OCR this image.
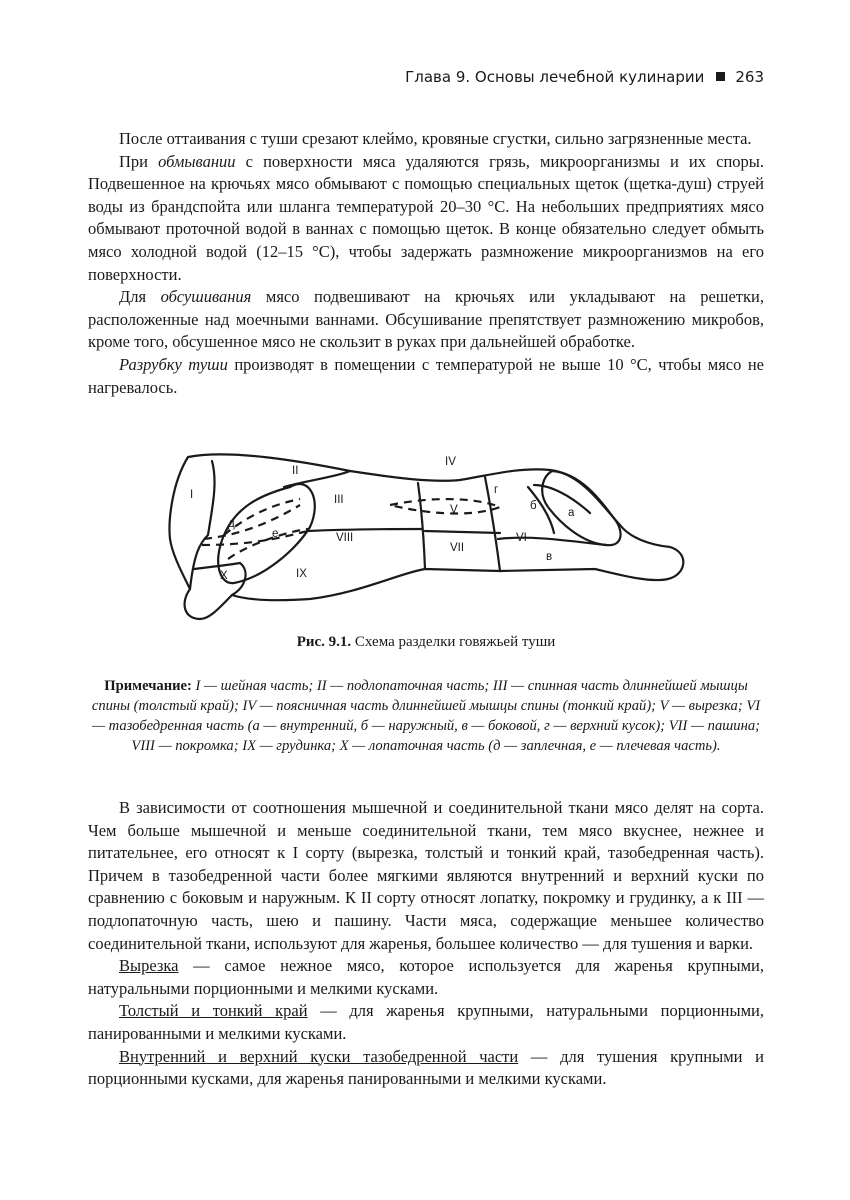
Глава 9. Основы лечебной кулинарии 263

После оттаивания с туши срезают клеймо, кровяные сгустки, сильно загрязненные места.

При обмывании с поверхности мяса удаляются грязь, микроорганизмы и их споры. Подвешенное на крючьях мясо обмывают с помощью специальных щеток (щетка-душ) струей воды из брандспойта или шланга температурой 20–30 °C. На небольших предприятиях мясо обмывают проточной водой в ваннах с помощью щеток. В конце обязательно следует обмыть мясо холодной водой (12–15 °C), чтобы задержать размножение микроорганизмов на его поверхности.

Для обсушивания мясо подвешивают на крючьях или укладывают на решетки, расположенные над моечными ваннами. Обсушивание препятствует размножению микробов, кроме того, обсушенное мясо не скользит в руках при дальнейшей обработке.

Разрубку туши производят в помещении с температурой не выше 10 °C, чтобы мясо не нагревалось.

I
II
III
IV
V
VI
VII
VIII
IX
X
а
б
в
г
д
е
Рис. 9.1. Схема разделки говяжьей туши
Примечание: I — шейная часть; II — подлопаточная часть; III — спинная часть длиннейшей мышцы спины (толстый край); IV — поясничная часть длиннейшей мышцы спины (тонкий край); V — вырезка; VI — тазобедренная часть (а — внутренний, б — наружный, в — боковой, г — верхний кусок); VII — пашина; VIII — покромка; IX — грудинка; X — лопаточная часть (д — заплечная, е — плечевая часть).

В зависимости от соотношения мышечной и соединительной ткани мясо делят на сорта. Чем больше мышечной и меньше соединительной ткани, тем мясо вкуснее, нежнее и питательнее, его относят к I сорту (вырезка, толстый и тонкий край, тазобедренная часть). Причем в тазобедренной части более мягкими являются внутренний и верхний куски по сравнению с боковым и наружным. К II сорту относят лопатку, покромку и грудинку, а к III — подлопаточную часть, шею и пашину. Части мяса, содержащие меньшее количество соединительной ткани, используют для жаренья, большее количество — для тушения и варки.

Вырезка — самое нежное мясо, которое используется для жаренья крупными, натуральными порционными и мелкими кусками.

Толстый и тонкий край — для жаренья крупными, натуральными порционными, панированными и мелкими кусками.

Внутренний и верхний куски тазобедренной части — для тушения крупными и порционными кусками, для жаренья панированными и мелкими кусками.
